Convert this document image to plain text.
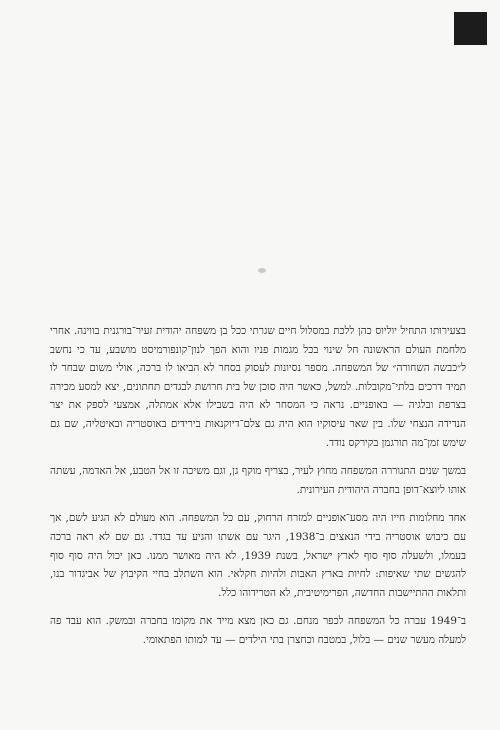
בצעירותו התחיל יוליוס כהן ללכת במסלול חיים שגרתי ככל בן משפחה יהודית זעיר־בורגנית בווינה. אחרי מלחמת העולם הראשונה חל שינוי בכל מגמות פניו והוא הפך לנון־קונפורמיסט מושבע, עד כי נחשב ל״כבשה השחורה״ של המשפחה. מספר נסיונות לעסוק בסחר לא הביאו לו ברכה, אולי משום שבחר לו תמיד דרכים בלתי־מקובלות. למשל, כאשר היה סוכן של בית חרושת לבגדים תחתונים, יצא למסע מכירה בצרפת ובלגיה — באופניים. נראה כי המסחר לא היה בשבילו אלא אמתלה, אמצעי לספק את יצר הנדידה הנצחי שלו. בין שאר עיסוקיו הוא היה גם צלם־דיוקנאות בירידים באוסטריה ובאיטליה, שם גם שימש זמן־מה תורגמן בקירקס נודד.

במשך שנים התגוררה המשפחה מחוץ לעיר, בצריף מוקף גן, וגם משיכה זו אל הטבע, אל האדמה, עשתה אותו ליוצא־דופן בחברה היהודית העירונית.

אחד מחלומות חייו היה מסע־אופניים למזרח הרחוק, עם כל המשפחה. הוא מעולם לא הגיע לשם, אך עם כיבוש אוסטריה בידי הנאצים ב־1938, היגר עם אשתו והגיע עד בגדד. גם שם לא ראה ברכה בעמלו, ולשעלה סוף סוף לארץ ישראל, בשנת 1939, לא היה מאושר ממנו. כאן יכול היה סוף סוף להגשים שתי שאיפות: לחיות בארץ האבות ולהיות חקלאי. הוא השתלב בחיי הקיבוץ של אביגדור בנו, ותלאות ההתיישבות החדשה, הפרימיטיבית, לא הטרידוהו כלל.

ב־1949 עברה כל המשפחה לכפר מנחם. גם כאן מצא מייד את מקומו בחברה ובמשק. הוא עבד פה למעלה מעשר שנים — בלול, במטבח וכחצרן בתי הילדים — עד למותו הפתאומי.
